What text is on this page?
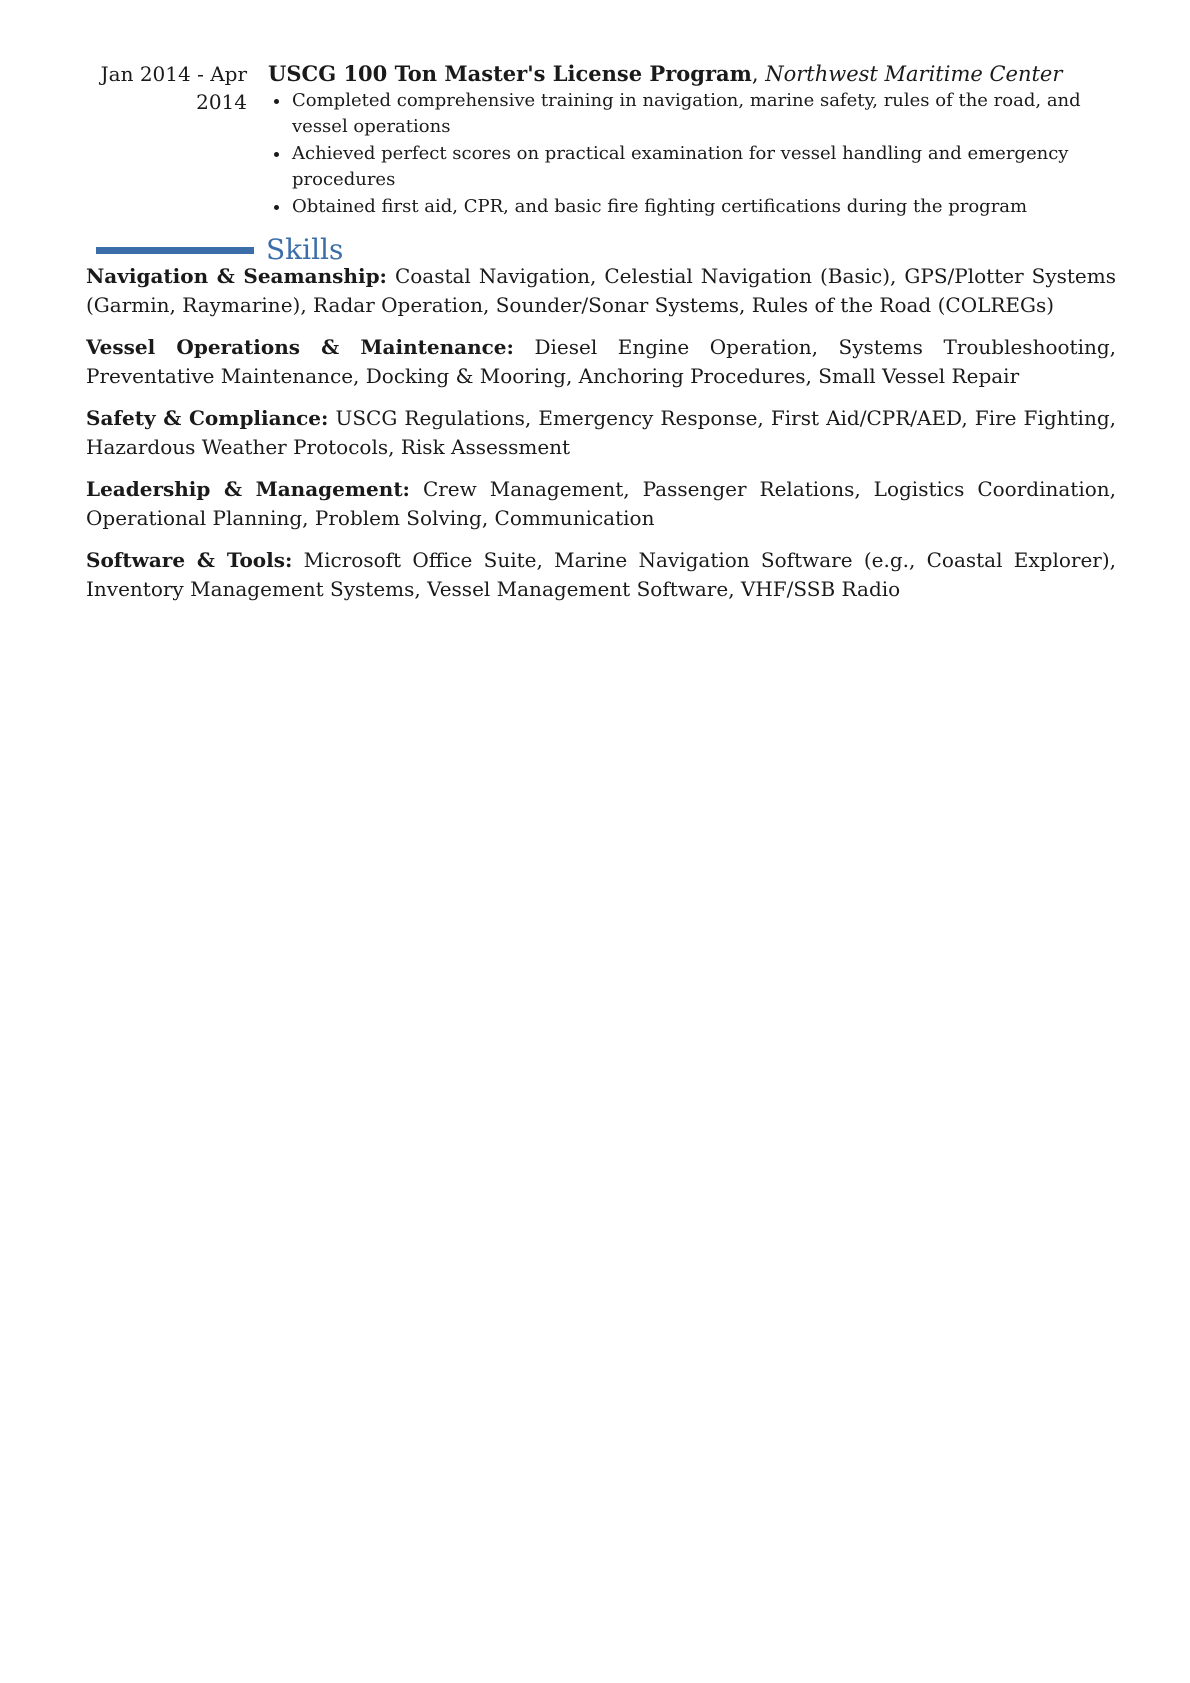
Jan 2014 - Apr 2014
USCG 100 Ton Master's License Program, Northwest Maritime Center
Completed comprehensive training in navigation, marine safety, rules of the road, and vessel operations
Achieved perfect scores on practical examination for vessel handling and emergency procedures
Obtained first aid, CPR, and basic fire fighting certifications during the program
Skills
Navigation & Seamanship: Coastal Navigation, Celestial Navigation (Basic), GPS/Plotter Systems (Garmin, Raymarine), Radar Operation, Sounder/Sonar Systems, Rules of the Road (COLREGs)
Vessel Operations & Maintenance: Diesel Engine Operation, Systems Troubleshooting, Preventative Maintenance, Docking & Mooring, Anchoring Procedures, Small Vessel Repair
Safety & Compliance: USCG Regulations, Emergency Response, First Aid/CPR/AED, Fire Fighting, Hazardous Weather Protocols, Risk Assessment
Leadership & Management: Crew Management, Passenger Relations, Logistics Coordination, Operational Planning, Problem Solving, Communication
Software & Tools: Microsoft Office Suite, Marine Navigation Software (e.g., Coastal Explorer), Inventory Management Systems, Vessel Management Software, VHF/SSB Radio
